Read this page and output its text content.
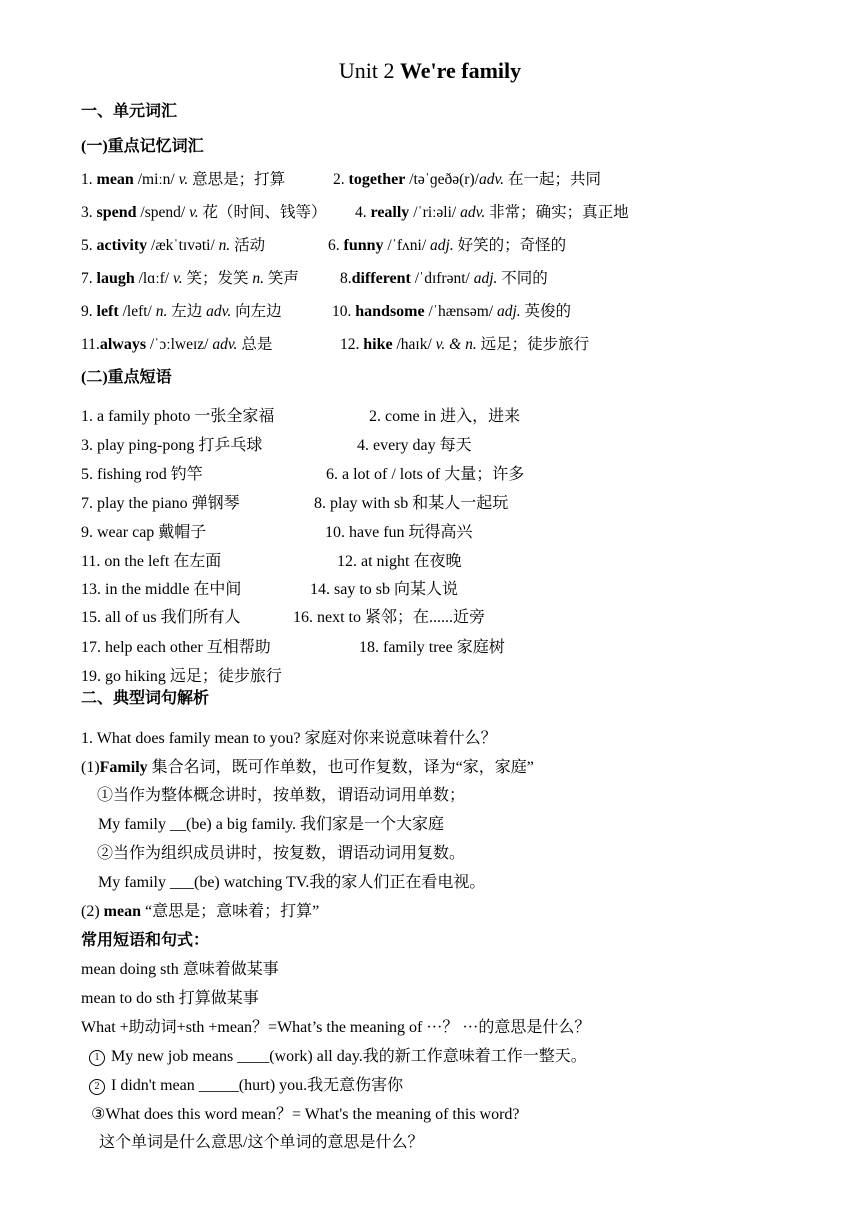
Unit 2 We're family
一、单元词汇
(一)重点记忆词汇
1. mean /miːn/ v. 意思是；打算	2. together /təˈɡeðə(r)/adv. 在一起；共同
3. spend /spend/ v. 花（时间、钱等） 4. really /ˈriːəli/ adv. 非常；确实；真正地
5. activity /ækˈtɪvəti/ n. 活动	6. funny /ˈfʌni/ adj. 好笑的；奇怪的
7. laugh /lɑːf/ v. 笑；发笑 n. 笑声	8.different /ˈdɪfrənt/ adj. 不同的
9. left /left/ n. 左边 adv. 向左边	10. handsome /ˈhænsəm/ adj. 英俊的
11.always /ˈɔːlweɪz/ adv. 总是	12. hike /haɪk/ v. & n. 远足；徒步旅行
(二)重点短语
1. a family photo 一张全家福	2. come in 进入，进来
3. play ping-pong 打乒乓球	4. every day 每天
5. fishing rod 钓竿	6. a lot of / lots of 大量；许多
7. play the piano 弹钢琴	8. play with sb 和某人一起玩
9. wear cap 戴帽子	10. have fun 玩得高兴
11. on the left 在左面	12. at night 在夜晚
13. in the middle 在中间	14. say to sb 向某人说
15. all of us 我们所有人	16. next to 紧邻；在......近旁
17. help each other 互相帮助	18. family tree 家庭树
19. go hiking 远足；徒步旅行
二、典型词句解析
1. What does family mean to you? 家庭对你来说意味着什么？
(1)Family 集合名词，既可作单数，也可作复数，译为“家，家庭”
①当作为整体概念讲时，按单数，谓语动词用单数；
My family __(be) a big family. 我们家是一个大家庭
②当作为组织成员讲时，按复数，谓语动词用复数。
My family ___(be) watching TV.我的家人们正在看电视。
(2) mean “意思是；意味着；打算”
常用短语和句式：
mean doing sth 意味着做某事
mean to do sth 打算做某事
What +助动词+sth +mean？=What’s the meaning of ···？ ···的意思是什么？
1 My new job means ____(work) all day.我的新工作意味着工作一整天。
2 I didn't mean _____(hurt) you.我无意伤害你
③What does this word mean？= What's the meaning of this word?
这个单词是什么意思/这个单词的意思是什么？
